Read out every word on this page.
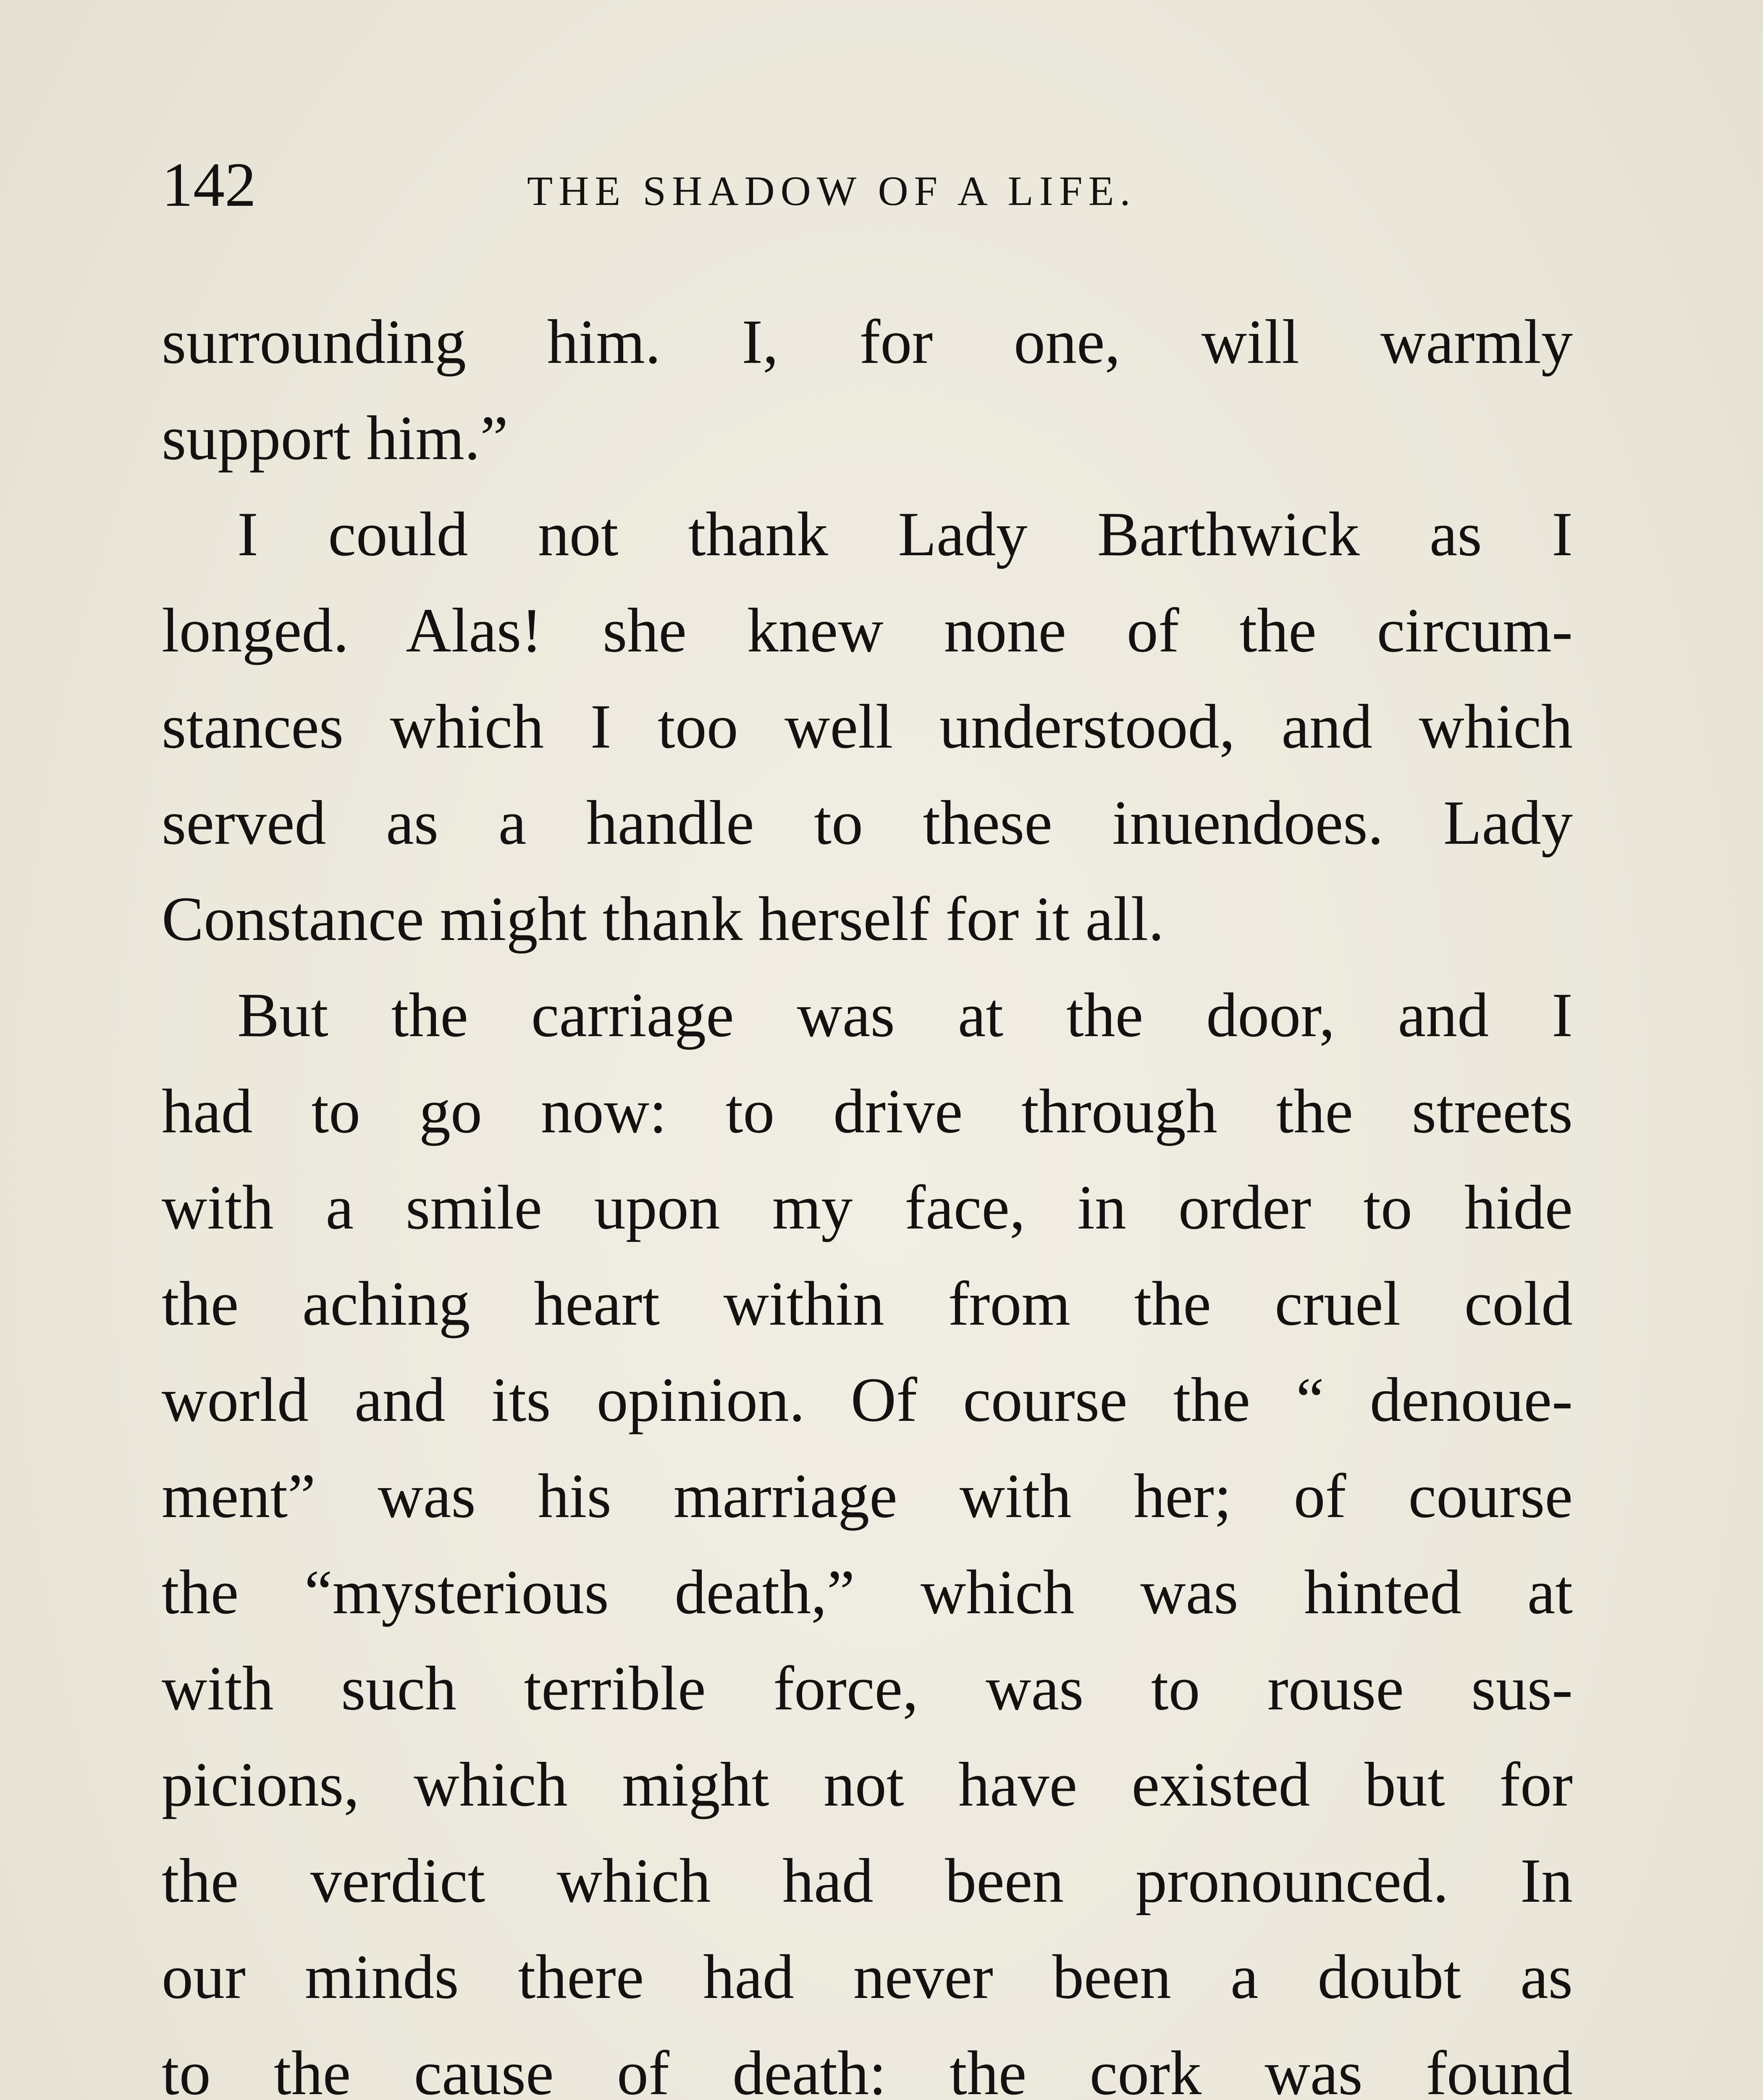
142	THE SHADOW OF A LIFE.
surrounding him. I, for one, will warmly
support him.”
I could not thank Lady Barthwick as I
longed. Alas! she knew none of the circum-
stances which I too well understood, and which
served as a handle to these inuendoes. Lady
Constance might thank herself for it all.
But the carriage was at the door, and I
had to go now: to drive through the streets
with a smile upon my face, in order to hide
the aching heart within from the cruel cold
world and its opinion. Of course the “ denoue-
ment” was his marriage with her; of course
the “mysterious death,” which was hinted at
with such terrible force, was to rouse sus-
picions, which might not have existed but for
the verdict which had been pronounced. In
our minds there had never been a doubt as
to the cause of death: the cork was found
